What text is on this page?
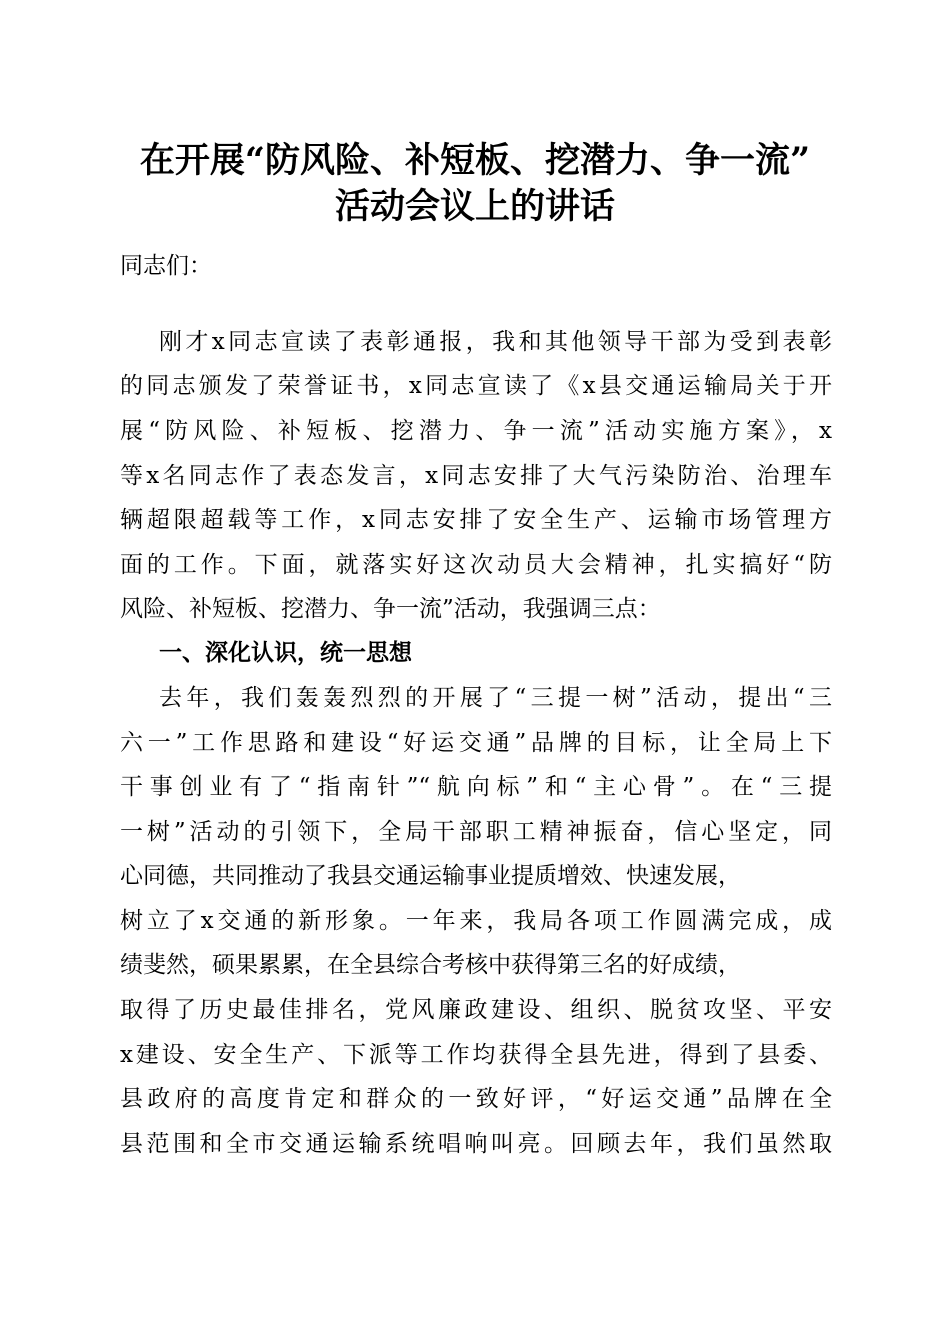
在开展“防风险、补短板、挖潜力、争一流”
活动会议上的讲话
同志们：
刚才x同志宣读了表彰通报，我和其他领导干部为受到表彰
的同志颁发了荣誉证书，x同志宣读了《x县交通运输局关于开
展“防风险、补短板、挖潜力、争一流”活动实施方案》，x
等x名同志作了表态发言，x同志安排了大气污染防治、治理车
辆超限超载等工作，x同志安排了安全生产、运输市场管理方
面的工作。下面，就落实好这次动员大会精神，扎实搞好“防
风险、补短板、挖潜力、争一流”活动，我强调三点：
一、深化认识，统一思想
去年，我们轰轰烈烈的开展了“三提一树”活动，提出“三
六一”工作思路和建设“好运交通”品牌的目标，让全局上下
干事创业有了“指南针”“航向标”和“主心骨”。在“三提
一树”活动的引领下，全局干部职工精神振奋，信心坚定，同
心同德，共同推动了我县交通运输事业提质增效、快速发展，
树立了x交通的新形象。一年来，我局各项工作圆满完成，成
绩斐然，硕果累累，在全县综合考核中获得第三名的好成绩，
取得了历史最佳排名，党风廉政建设、组织、脱贫攻坚、平安
x建设、安全生产、下派等工作均获得全县先进，得到了县委、
县政府的高度肯定和群众的一致好评，“好运交通”品牌在全
县范围和全市交通运输系统唱响叫亮。回顾去年，我们虽然取
